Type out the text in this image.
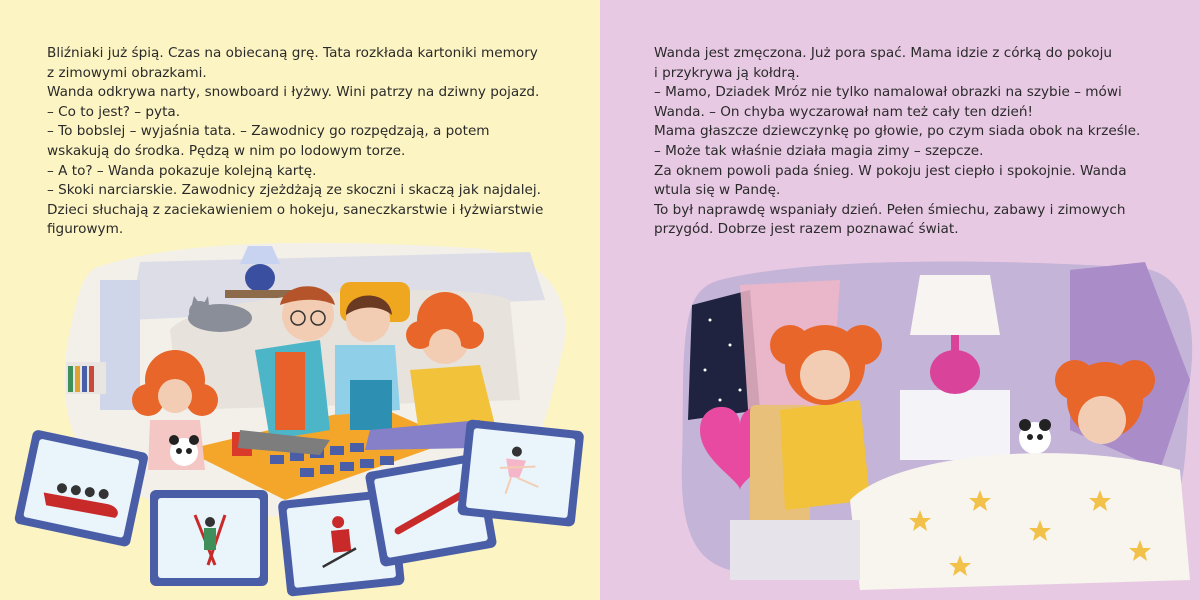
Bliźniaki już śpią. Czas na obiecaną grę. Tata rozkłada kartoniki memory
z zimowymi obrazkami.
Wanda odkrywa narty, snowboard i łyżwy. Wini patrzy na dziwny pojazd.
– Co to jest? – pyta.
– To bobslej – wyjaśnia tata. – Zawodnicy go rozpędzają, a potem
wskakują do środka. Pędzą w nim po lodowym torze.
– A to? – Wanda pokazuje kolejną kartę.
– Skoki narciarskie. Zawodnicy zjeżdżają ze skoczni i skaczą jak najdalej.
Dzieci słuchają z zaciekawieniem o hokeju, saneczkarstwie i łyżwiarstwie
figurowym.

Wanda jest zmęczona. Już pora spać. Mama idzie z córką do pokoju
i przykrywa ją kołdrą.
– Mamo, Dziadek Mróz nie tylko namalował obrazki na szybie – mówi
Wanda. – On chyba wyczarował nam też cały ten dzień!
Mama głaszcze dziewczynkę po głowie, po czym siada obok na krześle.
– Może tak właśnie działa magia zimy – szepcze.
Za oknem powoli pada śnieg. W pokoju jest ciepło i spokojnie. Wanda
wtula się w Pandę.
To był naprawdę wspaniały dzień. Pełen śmiechu, zabawy i zimowych
przygód. Dobrze jest razem poznawać świat.
